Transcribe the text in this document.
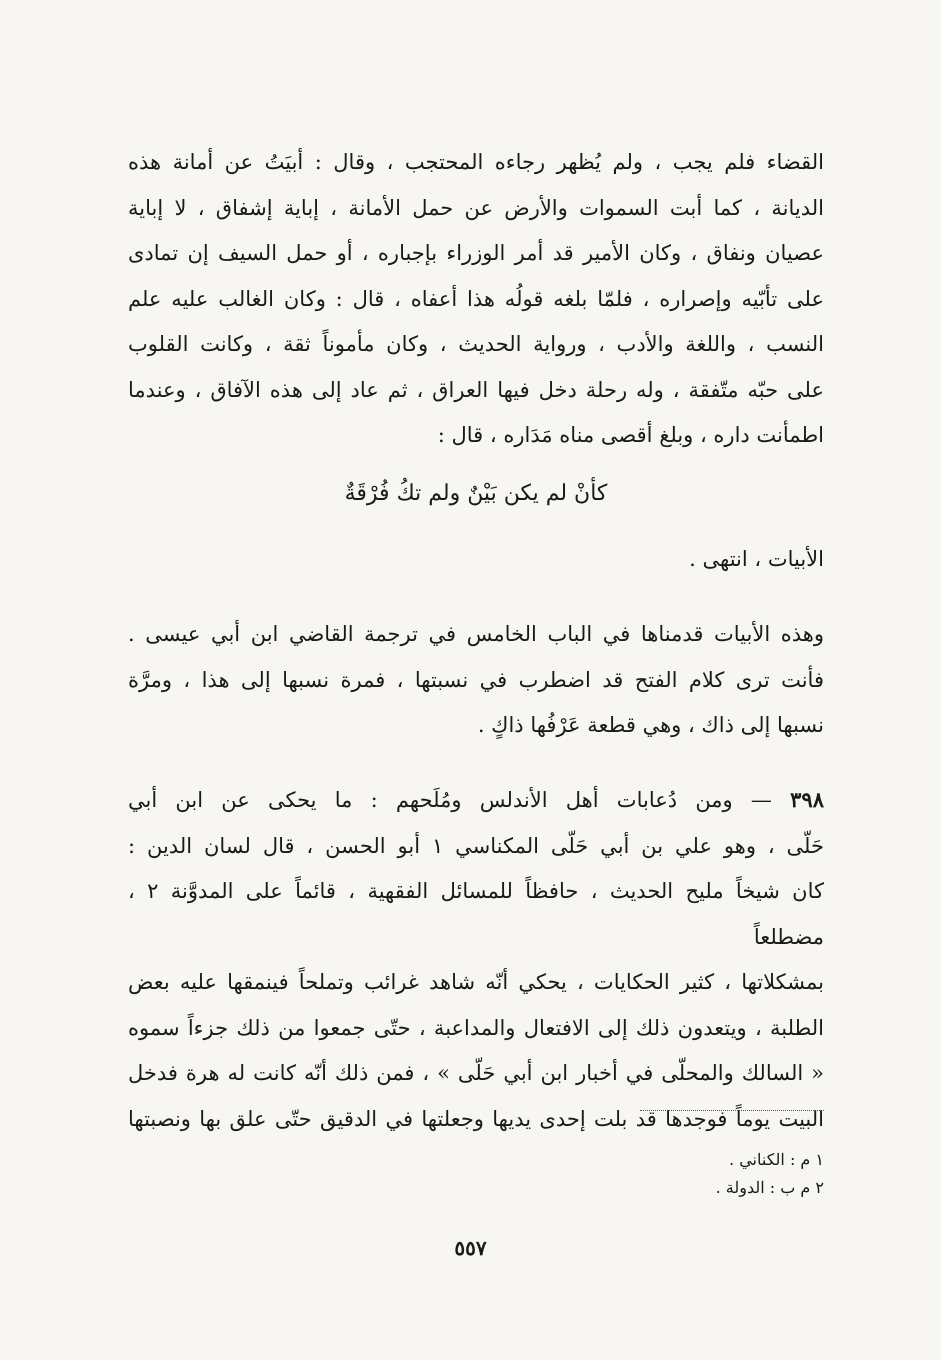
القضاء فلم يجب ، ولم يُظهر رجاءه المحتجب ، وقال : أبيَتُ عن أمانة هذه
الديانة ، كما أبت السموات والأرض عن حمل الأمانة ، إباية إشفاق ، لا إباية
عصيان ونفاق ، وكان الأمير قد أمر الوزراء بإجباره ، أو حمل السيف إن تمادى
على تأبّيه وإصراره ، فلمّا بلغه قولُه هذا أعفاه ، قال : وكان الغالب عليه علم
النسب ، واللغة والأدب ، ورواية الحديث ، وكان مأموناً ثقة ، وكانت القلوب
على حبّه متّفقة ، وله رحلة دخل فيها العراق ، ثم عاد إلى هذه الآفاق ، وعندما
اطمأنت داره ، وبلغ أقصى مناه مَدَاره ، قال :

كأنْ لم يكن بَيْنٌ ولم تكُ فُرْقَةٌ

الأبيات ، انتهى .

وهذه الأبيات قدمناها في الباب الخامس في ترجمة القاضي ابن أبي عيسى .
فأنت ترى كلام الفتح قد اضطرب في نسبتها ، فمرة نسبها إلى هذا ، ومرَّة
نسبها إلى ذاك ، وهي قطعة عَرْفُها ذاكٍ .

٣٩٨ — ومن دُعابات أهل الأندلس ومُلَحهم : ما يحكى عن ابن أبي
حَلّى ، وهو علي بن أبي حَلّى المكناسي ١ أبو الحسن ، قال لسان الدين :
كان شيخاً مليح الحديث ، حافظاً للمسائل الفقهية ، قائماً على المدوَّنة ٢ ، مضطلعاً
بمشكلاتها ، كثير الحكايات ، يحكي أنّه شاهد غرائب وتملحاً فينمقها عليه بعض
الطلبة ، ويتعدون ذلك إلى الافتعال والمداعبة ، حتّى جمعوا من ذلك جزءاً سموه
« السالك والمحلّى في أخبار ابن أبي حَلّى » ، فمن ذلك أنّه كانت له هرة فدخل
البيت يوماً فوجدها قد بلت إحدى يديها وجعلتها في الدقيق حتّى علق بها ونصبتها

١ م : الكناني .
٢ م ب : الدولة .

٥٥٧
